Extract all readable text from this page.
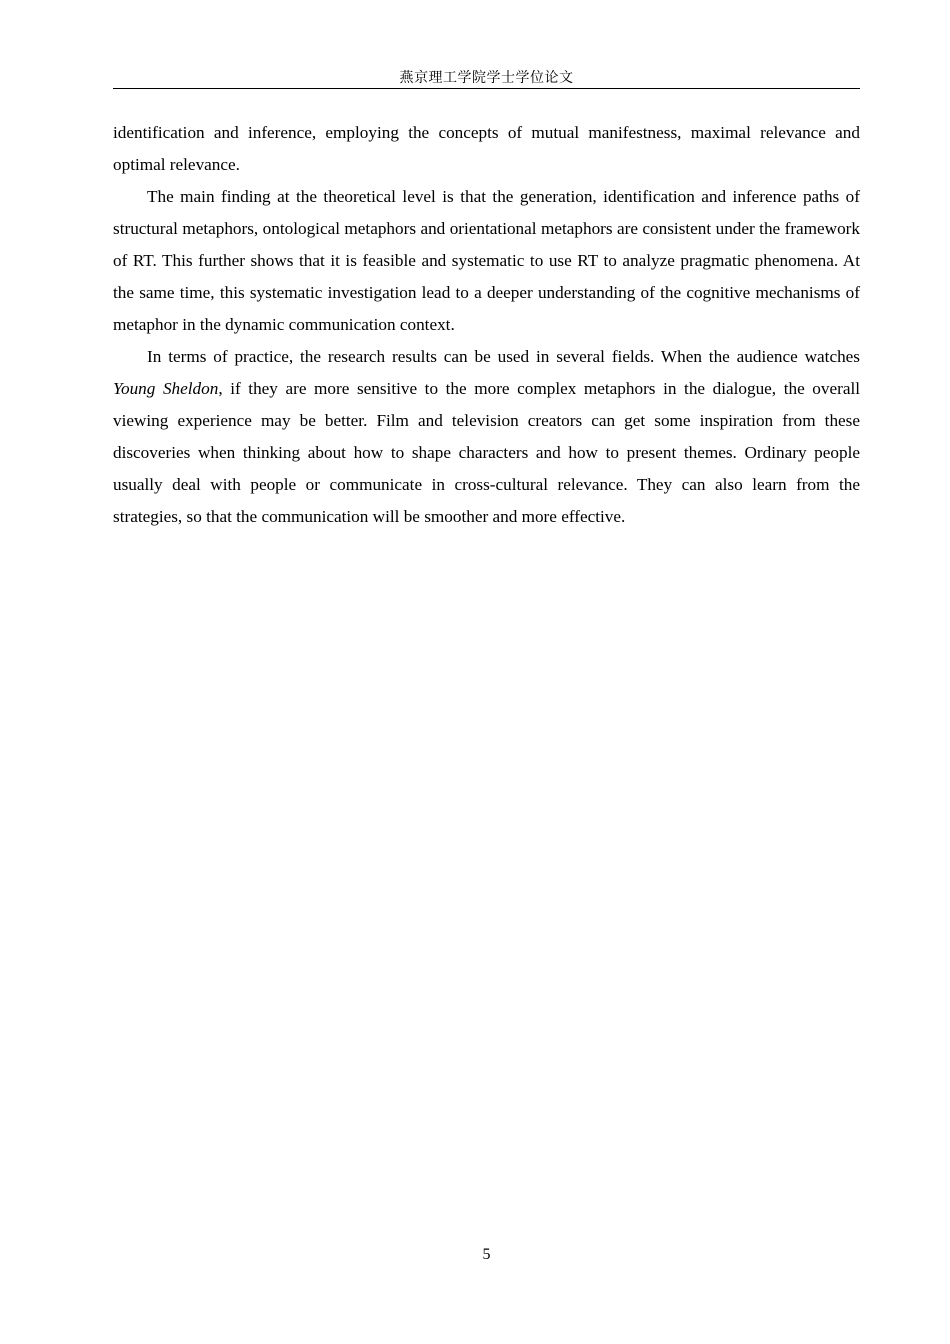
燕京理工学院学士学位论文

identification and inference, employing the concepts of mutual manifestness, maximal relevance and optimal relevance.

The main finding at the theoretical level is that the generation, identification and inference paths of structural metaphors, ontological metaphors and orientational metaphors are consistent under the framework of RT. This further shows that it is feasible and systematic to use RT to analyze pragmatic phenomena. At the same time, this systematic investigation lead to a deeper understanding of the cognitive mechanisms of metaphor in the dynamic communication context.

In terms of practice, the research results can be used in several fields. When the audience watches Young Sheldon, if they are more sensitive to the more complex metaphors in the dialogue, the overall viewing experience may be better. Film and television creators can get some inspiration from these discoveries when thinking about how to shape characters and how to present themes. Ordinary people usually deal with people or communicate in cross-cultural relevance. They can also learn from the strategies, so that the communication will be smoother and more effective.

5
